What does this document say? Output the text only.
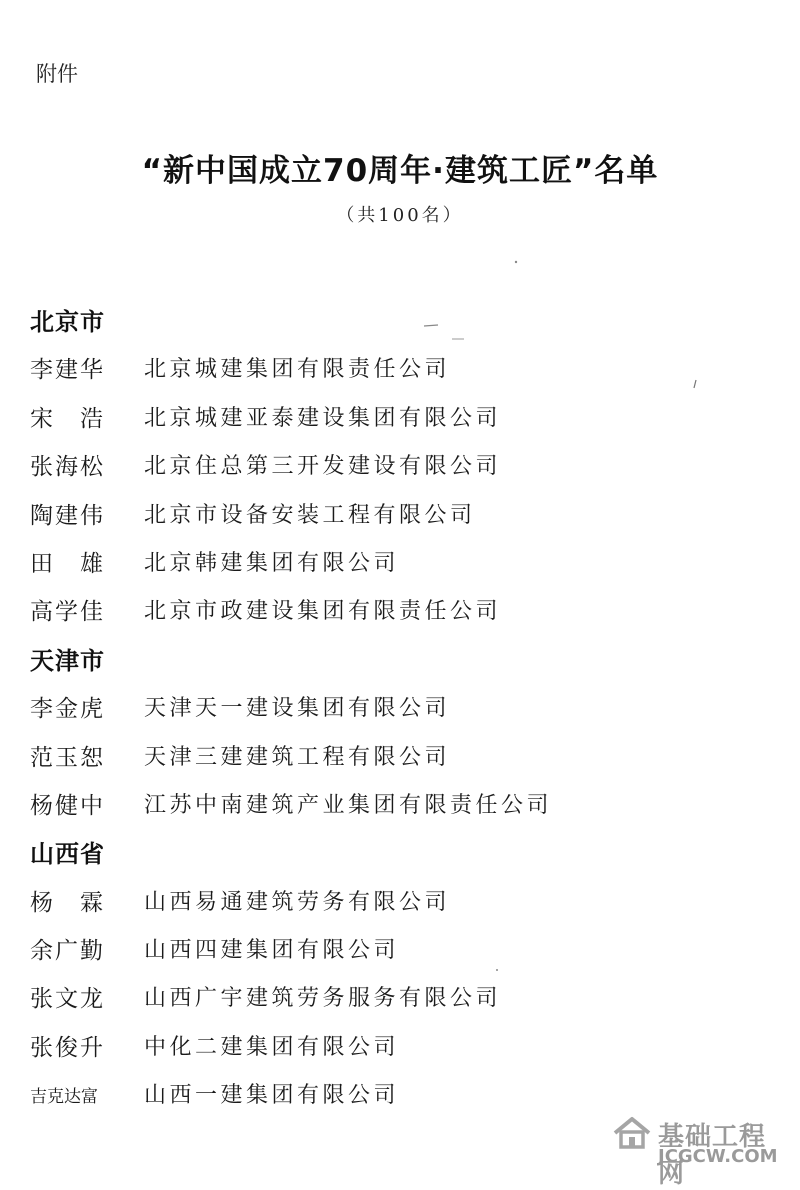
附件
“新中国成立70周年·建筑工匠”名单
（共100名）
北京市
李建华 北京城建集团有限责任公司
宋　浩 北京城建亚泰建设集团有限公司
张海松 北京住总第三开发建设有限公司
陶建伟 北京市设备安装工程有限公司
田　雄 北京韩建集团有限公司
高学佳 北京市政建设集团有限责任公司
天津市
李金虎 天津天一建设集团有限公司
范玉恕 天津三建建筑工程有限公司
杨健中 江苏中南建筑产业集团有限责任公司
山西省
杨　霖 山西易通建筑劳务有限公司
余广勤 山西四建集团有限公司
张文龙 山西广宇建筑劳务服务有限公司
张俊升 中化二建集团有限公司
吉克达富 山西一建集团有限公司
基础工程网
JCGCW.COM
